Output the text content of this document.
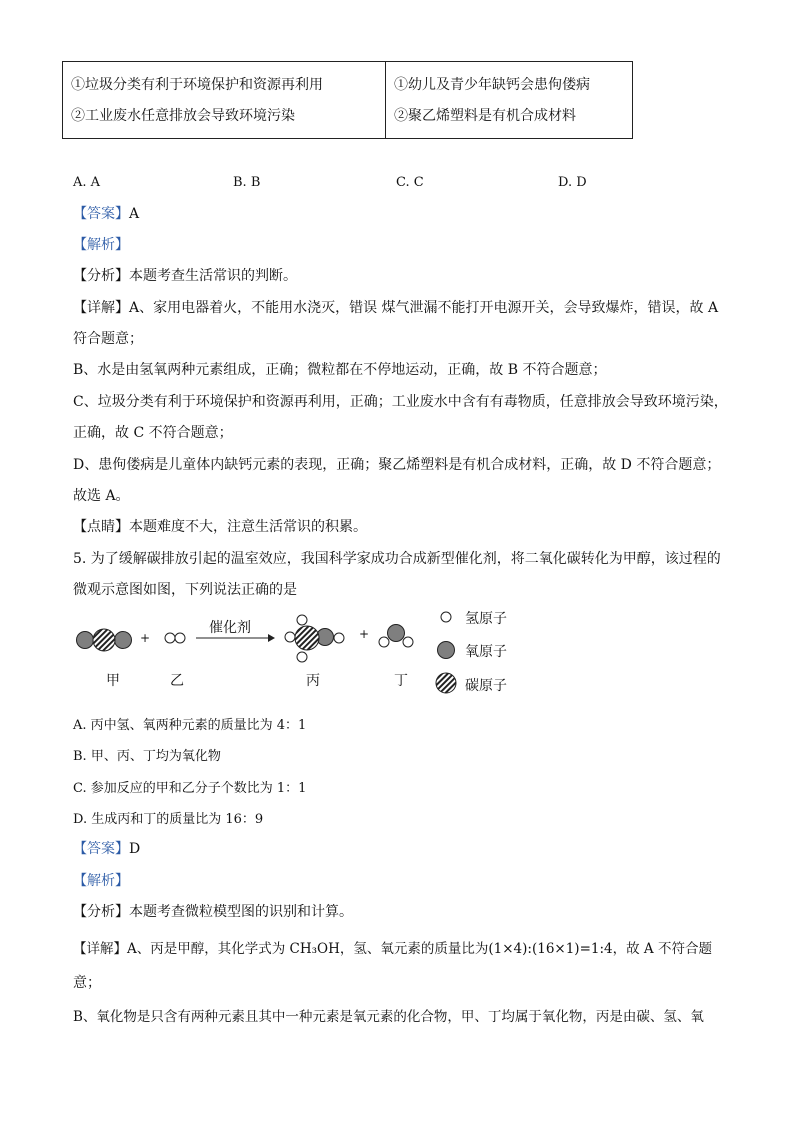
①垃圾分类有利于环境保护和资源再利用
②工业废水任意排放会导致环境污染

①幼儿及青少年缺钙会患佝偻病
②聚乙烯塑料是有机合成材料
A. A	B. B	C. C	D. D
【答案】A
【解析】
【分析】本题考查生活常识的判断。
【详解】A、家用电器着火，不能用水浇灭，错误 煤气泄漏不能打开电源开关，会导致爆炸，错误，故 A
符合题意；
B、水是由氢氧两种元素组成，正确；微粒都在不停地运动，正确，故 B 不符合题意；
C、垃圾分类有利于环境保护和资源再利用，正确；工业废水中含有有毒物质，任意排放会导致环境污染，
正确，故 C 不符合题意；
D、患佝偻病是儿童体内缺钙元素的表现，正确；聚乙烯塑料是有机合成材料，正确，故 D 不符合题意；
故选 A。
【点睛】本题难度不大，注意生活常识的积累。
5. 为了缓解碳排放引起的温室效应，我国科学家成功合成新型催化剂，将二氧化碳转化为甲醇，该过程的
微观示意图如图，下列说法正确的是
催化剂
+	+
甲	乙	丙	丁
氢原子
氧原子
碳原子
A. 丙中氢、氧两种元素的质量比为 4：1
B. 甲、丙、丁均为氧化物
C. 参加反应的甲和乙分子个数比为 1：1
D. 生成丙和丁的质量比为 16：9
【答案】D
【解析】
【分析】本题考查微粒模型图的识别和计算。
【详解】A、丙是甲醇，其化学式为 CH₃OH，氢、氧元素的质量比为(1×4):(16×1)=1:4，故 A 不符合题
意；
B、氧化物是只含有两种元素且其中一种元素是氧元素的化合物，甲、丁均属于氧化物，丙是由碳、氢、氧
